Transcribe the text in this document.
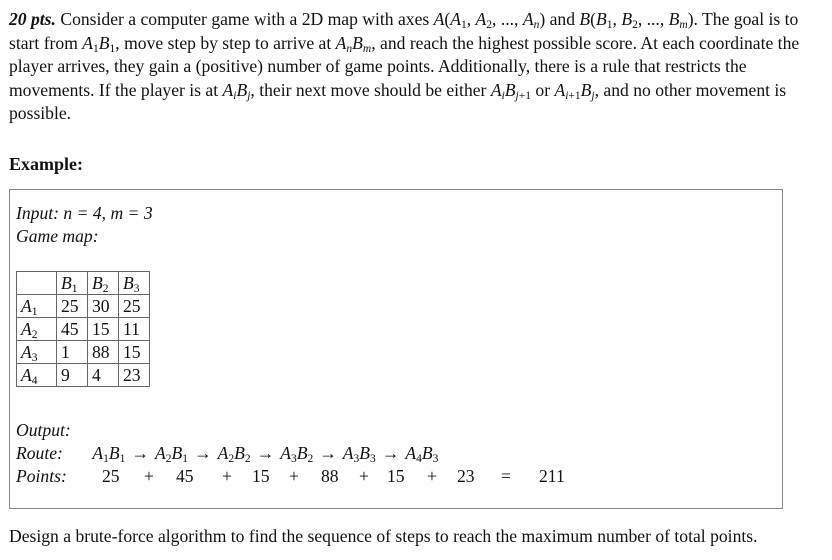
20 pts. Consider a computer game with a 2D map with axes $A(A_1$, $A_2$, ..., $A_n$) and $B(B_1$, $B_2$, ..., $B_m$). The goal is to start from $A_1B_1$, move step by step to arrive at $A_nB_m$, and reach the highest possible score. At each coordinate the player arrives, they gain a (positive) number of game points. Additionally, there is a rule that restricts the movements. If the player is at $A_iB_j$, their next move should be either $A_iB_{j+1}$ or $A_{i+1}B_j$, and no other movement is possible.
Example:
Input: n = 4, m = 3
Game map:
	$B_1$	$B_2$	$B_3$
$A_1$	25	30	25
$A_2$	45	15	11
$A_3$	1	88	15
$A_4$	9	4	23
Output:
Route: $A_1B_1 \to A_2B_1 \to A_2B_2 \to A_3B_2 \to A_3B_3 \to A_4B_3$
Points: 25 + 45 + 15 + 88 + 15 + 23 = 211
Design a brute-force algorithm to find the sequence of steps to reach the maximum number of total points.
